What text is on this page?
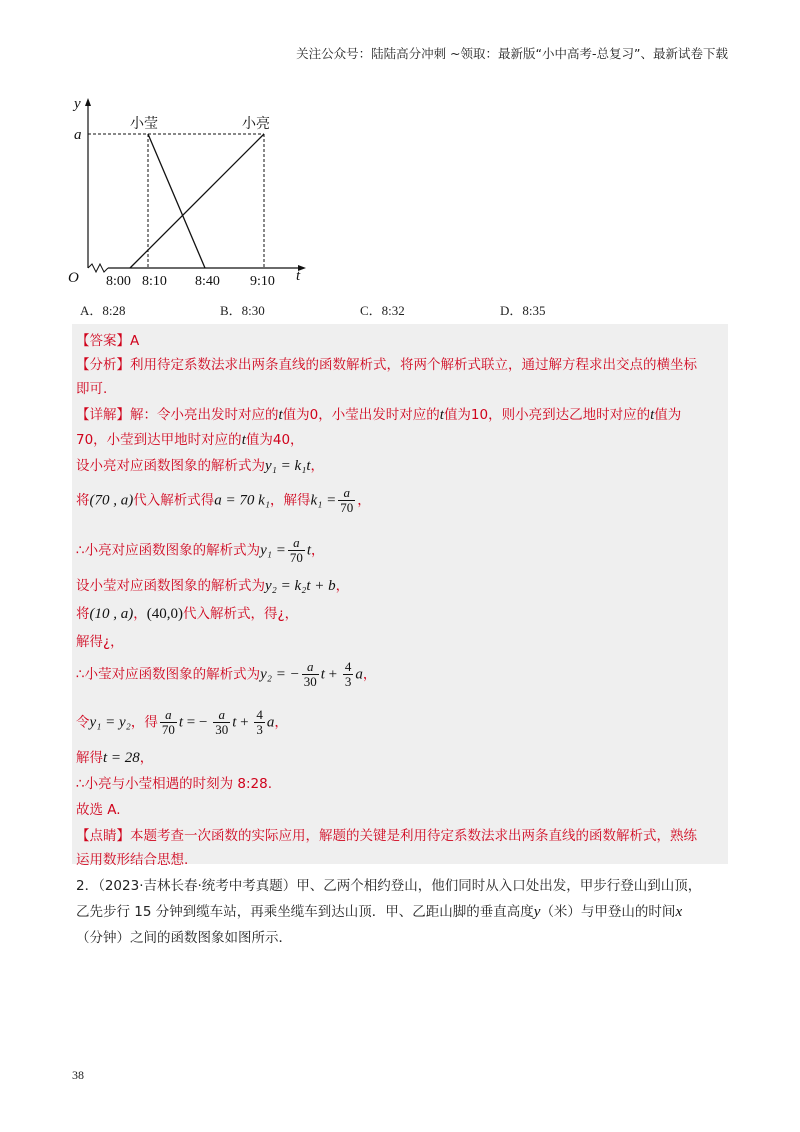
关注公众号：陆陆高分冲刺 ~领取：最新版“小中高考-总复习”、最新试卷下载
y
a
O	t
小莹	小亮
8:00 8:10 8:40 9:10
A．8:28	B．8:30	C．8:32	D．8:35
【答案】A
【分析】利用待定系数法求出两条直线的函数解析式，将两个解析式联立，通过解方程求出交点的横坐标
即可.
【详解】解：令小亮出发时对应的t值为0，小莹出发时对应的t值为10，则小亮到达乙地时对应的t值为
70，小莹到达甲地时对应的t值为40，
设小亮对应函数图象的解析式为y₁ = k₁t，
将(70 , a)代入解析式得a = 70 k₁，解得$k_1 = \frac{a}{70}$ ，
∴小亮对应函数图象的解析式为$y_1 = \frac{a}{70}$ t，
设小莹对应函数图象的解析式为y₂ = k₂t + b，
将(10 , a)，(40,0)代入解析式，得¿，
解得¿，
∴小莹对应函数图象的解析式为y₂ = − $\frac{a}{30}$ $t + \frac{4}{3}$ a，
令y₁ = y₂，得 $\frac{a}{70}$ t = − $\frac{a}{30}$ $t + \frac{4}{3}$ a，
解得t = 28，
∴小亮与小莹相遇的时刻为 8:28.
故选 A.
【点睛】本题考查一次函数的实际应用，解题的关键是利用待定系数法求出两条直线的函数解析式，熟练
运用数形结合思想.
2．（2023·吉林长春·统考中考真题）甲、乙两个相约登山，他们同时从入口处出发，甲步行登山到山顶，
乙先步行 15 分钟到缆车站，再乘坐缆车到达山顶．甲、乙距山脚的垂直高度y（米）与甲登山的时间x
（分钟）之间的函数图象如图所示．
38
